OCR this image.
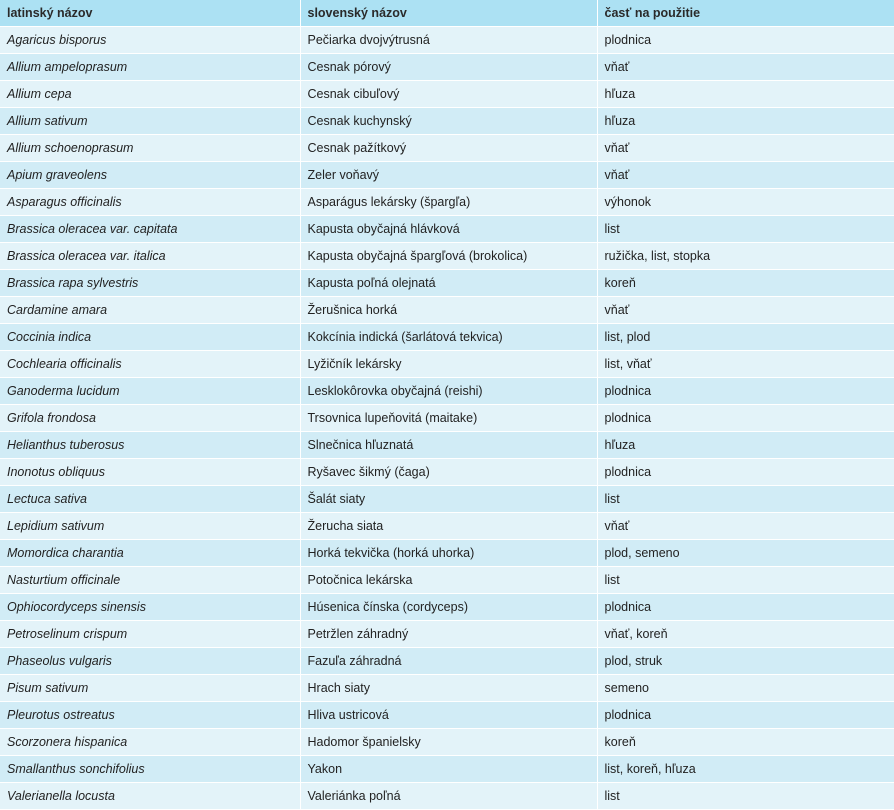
latinský názov	slovenský názov	časť na použitie
Agaricus bisporus	Pečiarka dvojvýtrusná	plodnica
Allium ampeloprasum	Cesnak pórový	vňať
Allium cepa	Cesnak cibuľový	hľuza
Allium sativum	Cesnak kuchynský	hľuza
Allium schoenoprasum	Cesnak pažítkový	vňať
Apium graveolens	Zeler voňavý	vňať
Asparagus officinalis	Asparágus lekársky (špargľa)	výhonok
Brassica oleracea var. capitata	Kapusta obyčajná hlávková	list
Brassica oleracea var. italica	Kapusta obyčajná špargľová (brokolica)	ružička, list, stopka
Brassica rapa sylvestris	Kapusta poľná olejnatá	koreň
Cardamine amara	Žerušnica horká	vňať
Coccinia indica	Kokcínia indická (šarlátová tekvica)	list, plod
Cochlearia officinalis	Lyžičník lekársky	list, vňať
Ganoderma lucidum	Lesklokôrovka obyčajná (reishi)	plodnica
Grifola frondosa	Trsovnica lupeňovitá (maitake)	plodnica
Helianthus tuberosus	Slnečnica hľuznatá	hľuza
Inonotus obliquus	Ryšavec šikmý (čaga)	plodnica
Lectuca sativa	Šalát siaty	list
Lepidium sativum	Žerucha siata	vňať
Momordica charantia	Horká tekvička (horká uhorka)	plod, semeno
Nasturtium officinale	Potočnica lekárska	list
Ophiocordyceps sinensis	Húsenica čínska (cordyceps)	plodnica
Petroselinum crispum	Petržlen záhradný	vňať, koreň
Phaseolus vulgaris	Fazuľa záhradná	plod, struk
Pisum sativum	Hrach siaty	semeno
Pleurotus ostreatus	Hliva ustricová	plodnica
Scorzonera hispanica	Hadomor španielsky	koreň
Smallanthus sonchifolius	Yakon	list, koreň, hľuza
Valerianella locusta	Valeriánka poľná	list
